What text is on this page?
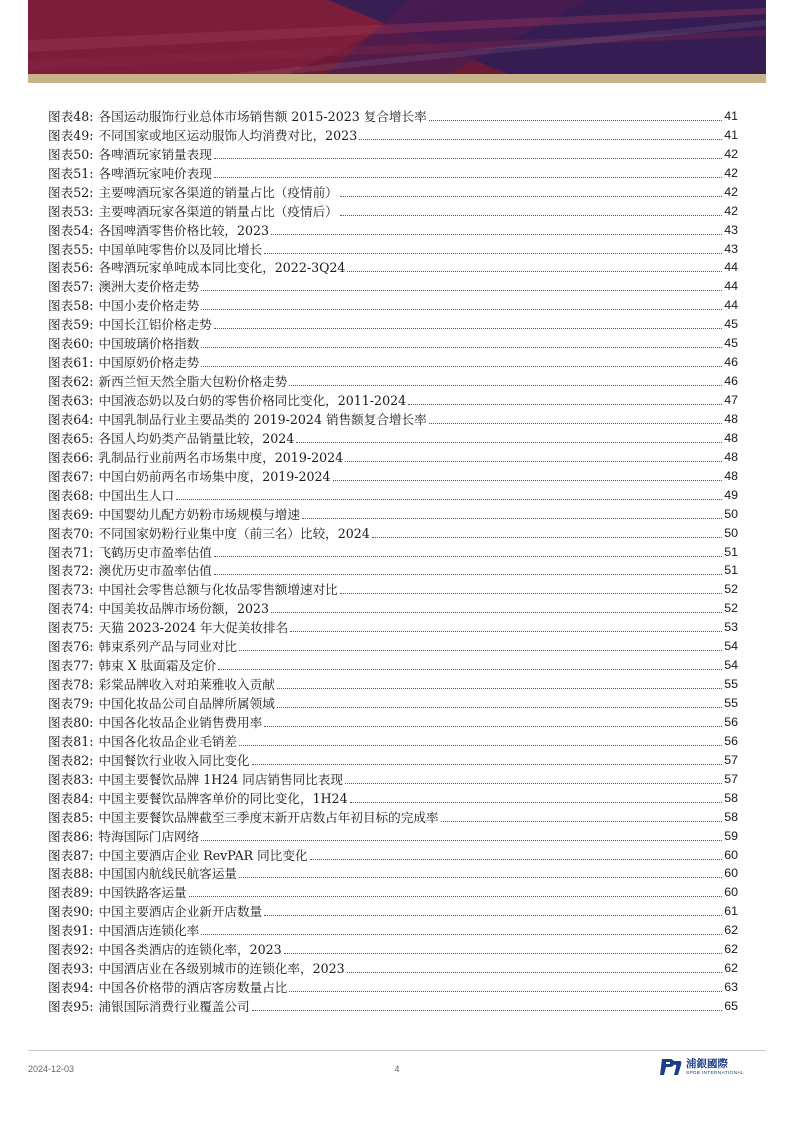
图表 48: 各国运动服饰行业总体市场销售额 2015-2023 复合增长率	41
图表 49: 不同国家或地区运动服饰人均消费对比，2023	41
图表 50: 各啤酒玩家销量表现	42
图表 51: 各啤酒玩家吨价表现	42
图表 52: 主要啤酒玩家各渠道的销量占比（疫情前）	42
图表 53: 主要啤酒玩家各渠道的销量占比（疫情后）	42
图表 54: 各国啤酒零售价格比较，2023	43
图表 55: 中国单吨零售价以及同比增长	43
图表 56: 各啤酒玩家单吨成本同比变化，2022-3Q24	44
图表 57: 澳洲大麦价格走势	44
图表 58: 中国小麦价格走势	44
图表 59: 中国长江铝价格走势	45
图表 60: 中国玻璃价格指数	45
图表 61: 中国原奶价格走势	46
图表 62: 新西兰恒天然全脂大包粉价格走势	46
图表 63: 中国液态奶以及白奶的零售价格同比变化，2011-2024	47
图表 64: 中国乳制品行业主要品类的 2019-2024 销售额复合增长率	48
图表 65: 各国人均奶类产品销量比较，2024	48
图表 66: 乳制品行业前两名市场集中度，2019-2024	48
图表 67: 中国白奶前两名市场集中度，2019-2024	48
图表 68: 中国出生人口	49
图表 69: 中国婴幼儿配方奶粉市场规模与增速	50
图表 70: 不同国家奶粉行业集中度（前三名）比较，2024	50
图表 71: 飞鹤历史市盈率估值	51
图表 72: 澳优历史市盈率估值	51
图表 73: 中国社会零售总额与化妆品零售额增速对比	52
图表 74: 中国美妆品牌市场份额，2023	52
图表 75: 天猫 2023-2024 年大促美妆排名	53
图表 76: 韩束系列产品与同业对比	54
图表 77: 韩束 X 肽面霜及定价	54
图表 78: 彩棠品牌收入对珀莱雅收入贡献	55
图表 79: 中国化妆品公司自品牌所属领域	55
图表 80: 中国各化妆品企业销售费用率	56
图表 81: 中国各化妆品企业毛销差	56
图表 82: 中国餐饮行业收入同比变化	57
图表 83: 中国主要餐饮品牌 1H24 同店销售同比表现	57
图表 84: 中国主要餐饮品牌客单价的同比变化，1H24	58
图表 85: 中国主要餐饮品牌截至三季度末新开店数占年初目标的完成率	58
图表 86: 特海国际门店网络	59
图表 87: 中国主要酒店企业 RevPAR 同比变化	60
图表 88: 中国国内航线民航客运量	60
图表 89: 中国铁路客运量	60
图表 90: 中国主要酒店企业新开店数量	61
图表 91: 中国酒店连锁化率	62
图表 92: 中国各类酒店的连锁化率，2023	62
图表 93: 中国酒店业在各级别城市的连锁化率，2023	62
图表 94: 中国各价格带的酒店客房数量占比	63
图表 95: 浦银国际消费行业覆盖公司	65
2024-12-03	4	浦銀國際
SPDB INTERNATIONAL
